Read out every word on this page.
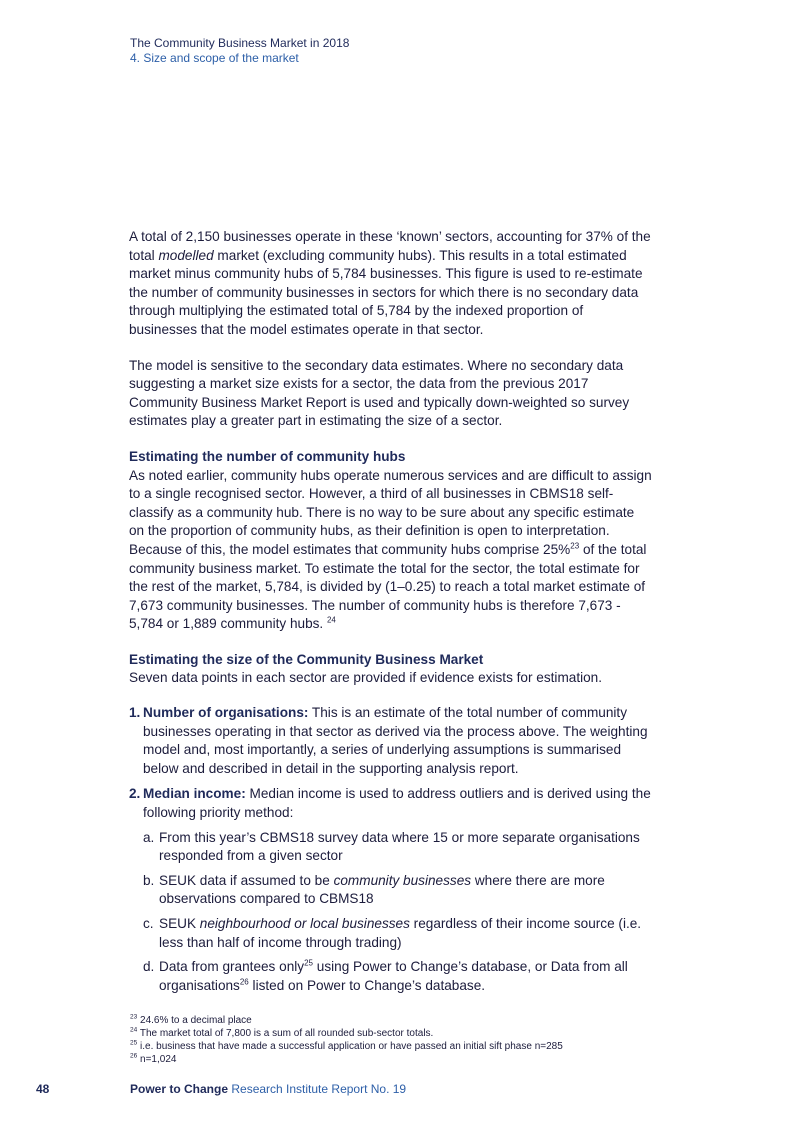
The Community Business Market in 2018
4. Size and scope of the market

A total of 2,150 businesses operate in these ‘known’ sectors, accounting for 37% of the total modelled market (excluding community hubs). This results in a total estimated market minus community hubs of 5,784 businesses. This figure is used to re-estimate the number of community businesses in sectors for which there is no secondary data through multiplying the estimated total of 5,784 by the indexed proportion of businesses that the model estimates operate in that sector.

The model is sensitive to the secondary data estimates. Where no secondary data suggesting a market size exists for a sector, the data from the previous 2017 Community Business Market Report is used and typically down-weighted so survey estimates play a greater part in estimating the size of a sector.

Estimating the number of community hubs

As noted earlier, community hubs operate numerous services and are difficult to assign to a single recognised sector. However, a third of all businesses in CBMS18 self-classify as a community hub. There is no way to be sure about any specific estimate on the proportion of community hubs, as their definition is open to interpretation. Because of this, the model estimates that community hubs comprise 25%$^{23}$ of the total community business market. To estimate the total for the sector, the total estimate for the rest of the market, 5,784, is divided by (1–0.25) to reach a total market estimate of 7,673 community businesses. The number of community hubs is therefore 7,673 - 5,784 or 1,889 community hubs. $^{24}$

Estimating the size of the Community Business Market

Seven data points in each sector are provided if evidence exists for estimation.

1. Number of organisations: This is an estimate of the total number of community businesses operating in that sector as derived via the process above. The weighting model and, most importantly, a series of underlying assumptions is summarised below and described in detail in the supporting analysis report.
2. Median income: Median income is used to address outliers and is derived using the following priority method:
a. From this year’s CBMS18 survey data where 15 or more separate organisations responded from a given sector
b. SEUK data if assumed to be community businesses where there are more observations compared to CBMS18
c. SEUK neighbourhood or local businesses regardless of their income source (i.e. less than half of income through trading)
d. Data from grantees only$^{25}$ using Power to Change’s database, or Data from all organisations$^{26}$ listed on Power to Change’s database.
$^{23}$ 24.6% to a decimal place
$^{24}$ The market total of 7,800 is a sum of all rounded sub-sector totals.
$^{25}$ i.e. business that have made a successful application or have passed an initial sift phase n=285
$^{26}$ n=1,024
48	Power to Change Research Institute Report No. 19
